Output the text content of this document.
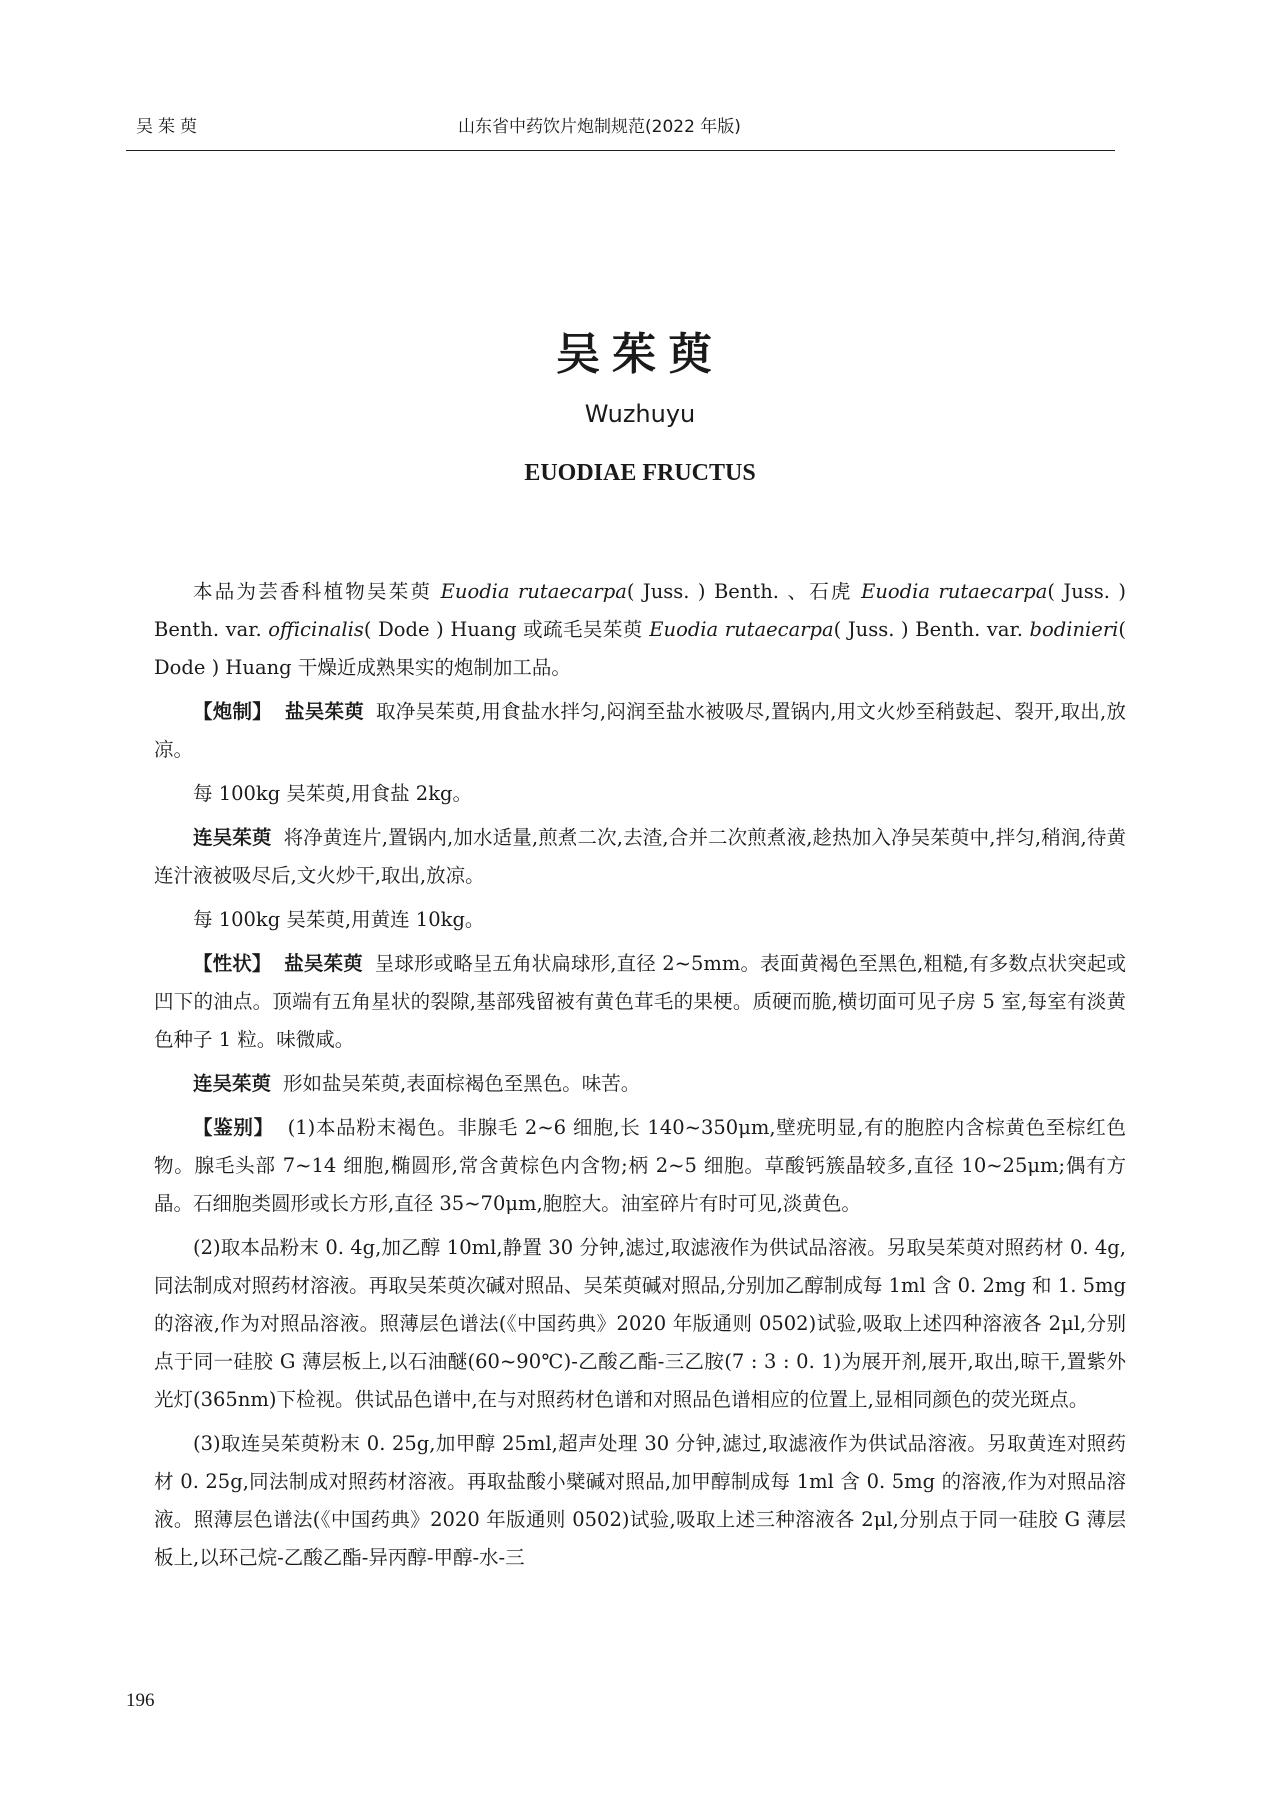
吴茱萸	山东省中药饮片炮制规范(2022 年版)
吴茱萸
Wuzhuyu
EUODIAE FRUCTUS

本品为芸香科植物吴茱萸 Euodia rutaecarpa( Juss. ) Benth. 、石虎 Euodia rutaecarpa( Juss. ) Benth. var. officinalis( Dode ) Huang 或疏毛吴茱萸 Euodia rutaecarpa( Juss. ) Benth. var. bodinieri( Dode ) Huang 干燥近成熟果实的炮制加工品。

【炮制】 盐吴茱萸 取净吴茱萸,用食盐水拌匀,闷润至盐水被吸尽,置锅内,用文火炒至稍鼓起、裂开,取出,放凉。

每 100kg 吴茱萸,用食盐 2kg。

连吴茱萸 将净黄连片,置锅内,加水适量,煎煮二次,去渣,合并二次煎煮液,趁热加入净吴茱萸中,拌匀,稍润,待黄连汁液被吸尽后,文火炒干,取出,放凉。

每 100kg 吴茱萸,用黄连 10kg。

【性状】 盐吴茱萸 呈球形或略呈五角状扁球形,直径 2~5mm。表面黄褐色至黑色,粗糙,有多数点状突起或凹下的油点。顶端有五角星状的裂隙,基部残留被有黄色茸毛的果梗。质硬而脆,横切面可见子房 5 室,每室有淡黄色种子 1 粒。味微咸。

连吴茱萸 形如盐吴茱萸,表面棕褐色至黑色。味苦。

【鉴别】 (1)本品粉末褐色。非腺毛 2~6 细胞,长 140~350μm,壁疣明显,有的胞腔内含棕黄色至棕红色物。腺毛头部 7~14 细胞,椭圆形,常含黄棕色内含物;柄 2~5 细胞。草酸钙簇晶较多,直径 10~25μm;偶有方晶。石细胞类圆形或长方形,直径 35~70μm,胞腔大。油室碎片有时可见,淡黄色。

(2)取本品粉末 0. 4g,加乙醇 10ml,静置 30 分钟,滤过,取滤液作为供试品溶液。另取吴茱萸对照药材 0. 4g,同法制成对照药材溶液。再取吴茱萸次碱对照品、吴茱萸碱对照品,分别加乙醇制成每 1ml 含 0. 2mg 和 1. 5mg 的溶液,作为对照品溶液。照薄层色谱法(《中国药典》2020 年版通则 0502)试验,吸取上述四种溶液各 2μl,分别点于同一硅胶 G 薄层板上,以石油醚(60~90℃)-乙酸乙酯-三乙胺(7 : 3 : 0. 1)为展开剂,展开,取出,晾干,置紫外光灯(365nm)下检视。供试品色谱中,在与对照药材色谱和对照品色谱相应的位置上,显相同颜色的荧光斑点。

(3)取连吴茱萸粉末 0. 25g,加甲醇 25ml,超声处理 30 分钟,滤过,取滤液作为供试品溶液。另取黄连对照药材 0. 25g,同法制成对照药材溶液。再取盐酸小檗碱对照品,加甲醇制成每 1ml 含 0. 5mg 的溶液,作为对照品溶液。照薄层色谱法(《中国药典》2020 年版通则 0502)试验,吸取上述三种溶液各 2μl,分别点于同一硅胶 G 薄层板上,以环己烷-乙酸乙酯-异丙醇-甲醇-水-三

196
